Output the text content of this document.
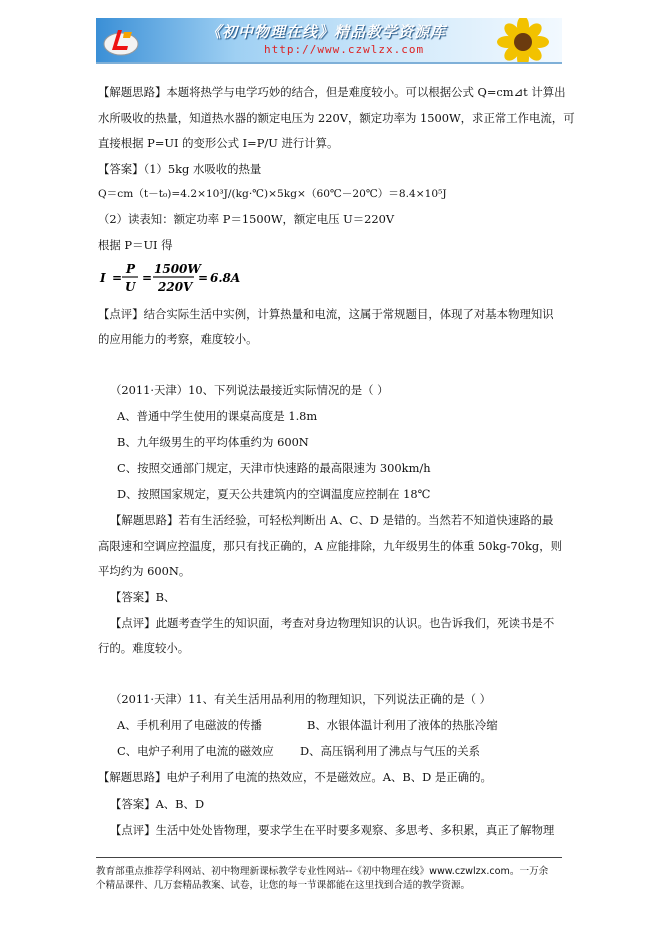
《初中物理在线》精品教学资源库
http://www.czwlzx.com
【解题思路】本题将热学与电学巧妙的结合，但是难度较小。可以根据公式 Q=cm⊿t 计算出
水所吸收的热量，知道热水器的额定电压为 220V，额定功率为 1500W，求正常工作电流，可
直接根据 P=UI 的变形公式 I=P/U 进行计算。
【答案】（1）5kg 水吸收的热量
Q＝cm（t－t₀)=4.2×10³J/(kg·℃)×5kg×（60℃－20℃）＝8.4×10⁵J
（2）读表知：额定功率 P＝1500W，额定电压 U＝220V
根据 P＝UI 得
I =
P
U
=
1500W
220V
= 6.8A
【点评】结合实际生活中实例，计算热量和电流，这属于常规题目，体现了对基本物理知识
的应用能力的考察，难度较小。
（2011·天津）10、下列说法最接近实际情况的是（ ）
A、普通中学生使用的课桌高度是 1.8m
B、九年级男生的平均体重约为 600N
C、按照交通部门规定，天津市快速路的最高限速为 300km/h
D、按照国家规定，夏天公共建筑内的空调温度应控制在 18℃
【解题思路】若有生活经验，可轻松判断出 A、C、D 是错的。当然若不知道快速路的最
高限速和空调应控温度，那只有找正确的，A 应能排除，九年级男生的体重 50kg-70kg，则
平均约为 600N。
【答案】B、
【点评】此题考查学生的知识面，考查对身边物理知识的认识。也告诉我们，死读书是不
行的。难度较小。
（2011·天津）11、有关生活用品利用的物理知识，下列说法正确的是（ ）
A、手机利用了电磁波的传播	B、水银体温计利用了液体的热胀冷缩
C、电炉子利用了电流的磁效应 D、高压锅利用了沸点与气压的关系
【解题思路】电炉子利用了电流的热效应，不是磁效应。A、B、D 是正确的。
【答案】A、B、D
【点评】生活中处处皆物理，要求学生在平时要多观察、多思考、多积累，真正了解物理
教育部重点推荐学科网站、初中物理新课标教学专业性网站--《初中物理在线》www.czwlzx.com。一万余
个精品课件、几万套精品教案、试卷，让您的每一节课都能在这里找到合适的教学资源。
